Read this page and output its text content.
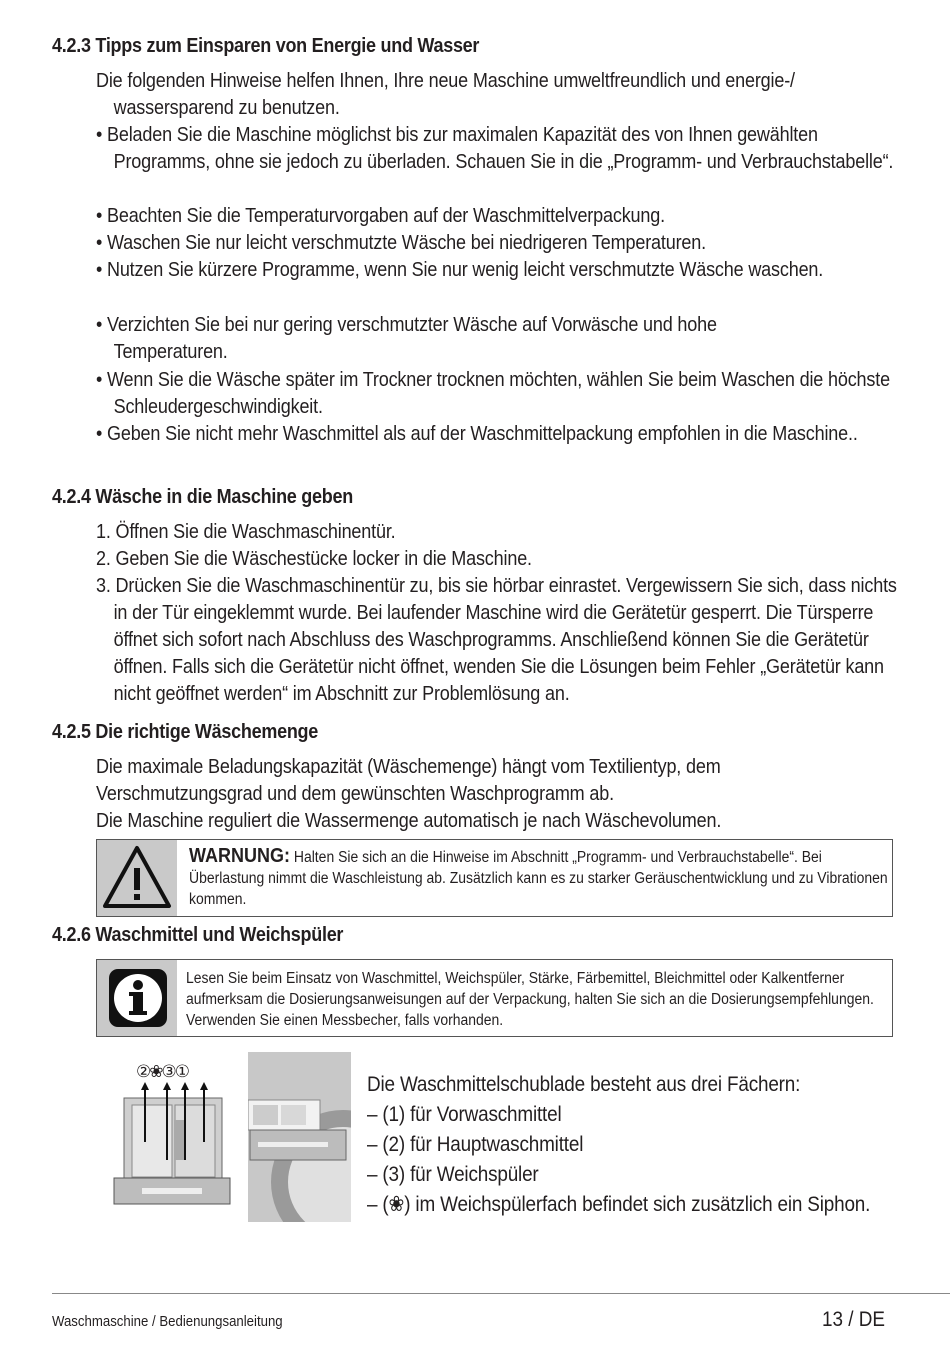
4.2.3 Tipps zum Einsparen von Energie und Wasser
Die folgenden Hinweise helfen Ihnen, Ihre neue Maschine umweltfreundlich und energie-/ wassersparend zu benutzen.
• Beladen Sie die Maschine möglichst bis zur maximalen Kapazität des von Ihnen gewählten Programms, ohne sie jedoch zu überladen. Schauen Sie in die „Programm- und Verbrauchstabelle“.
• Beachten Sie die Temperaturvorgaben auf der Waschmittelverpackung.
• Waschen Sie nur leicht verschmutzte Wäsche bei niedrigeren Temperaturen.
• Nutzen Sie kürzere Programme, wenn Sie nur wenig leicht verschmutzte Wäsche waschen.
• Verzichten Sie bei nur gering verschmutzter Wäsche auf Vorwäsche und hohe Temperaturen.
• Wenn Sie die Wäsche später im Trockner trocknen möchten, wählen Sie beim Waschen die höchste Schleudergeschwindigkeit.
• Geben Sie nicht mehr Waschmittel als auf der Waschmittelpackung empfohlen in die Maschine..
4.2.4 Wäsche in die Maschine geben
1. Öffnen Sie die Waschmaschinentür.
2. Geben Sie die Wäschestücke locker in die Maschine.
3. Drücken Sie die Waschmaschinentür zu, bis sie hörbar einrastet. Vergewissern Sie sich, dass nichts in der Tür eingeklemmt wurde. Bei laufender Maschine wird die Gerätetür gesperrt. Die Türsperre öffnet sich sofort nach Abschluss des Waschprogramms. Anschließend können Sie die Gerätetür öffnen. Falls sich die Gerätetür nicht öffnet, wenden Sie die Lösungen beim Fehler „Gerätetür kann nicht geöffnet werden“ im Abschnitt zur Problemlösung an.
4.2.5 Die richtige Wäschemenge
Die maximale Beladungskapazität (Wäschemenge) hängt vom Textilientyp, dem Verschmutzungsgrad und dem gewünschten Waschprogramm ab.
Die Maschine reguliert die Wassermenge automatisch je nach Wäschevolumen.
WARNUNG: Halten Sie sich an die Hinweise im Abschnitt „Programm- und Verbrauchstabelle“. Bei Überlastung nimmt die Waschleistung ab. Zusätzlich kann es zu starker Geräuschentwicklung und zu Vibrationen kommen.
4.2.6 Waschmittel und Weichspüler
Lesen Sie beim Einsatz von Waschmittel, Weichspüler, Stärke, Färbemittel, Bleichmittel oder Kalkentferner aufmerksam die Dosierungsanweisungen auf der Verpackung, halten Sie sich an die Dosierungsempfehlungen. Verwenden Sie einen Messbecher, falls vorhanden.
②❀③①
Die Waschmittelschublade besteht aus drei Fächern:
– (1) für Vorwaschmittel
– (2) für Hauptwaschmittel
– (3) für Weichspüler
– (❀) im Weichspülerfach befindet sich zusätzlich ein Siphon.
Waschmaschine / Bedienungsanleitung	13 / DE
